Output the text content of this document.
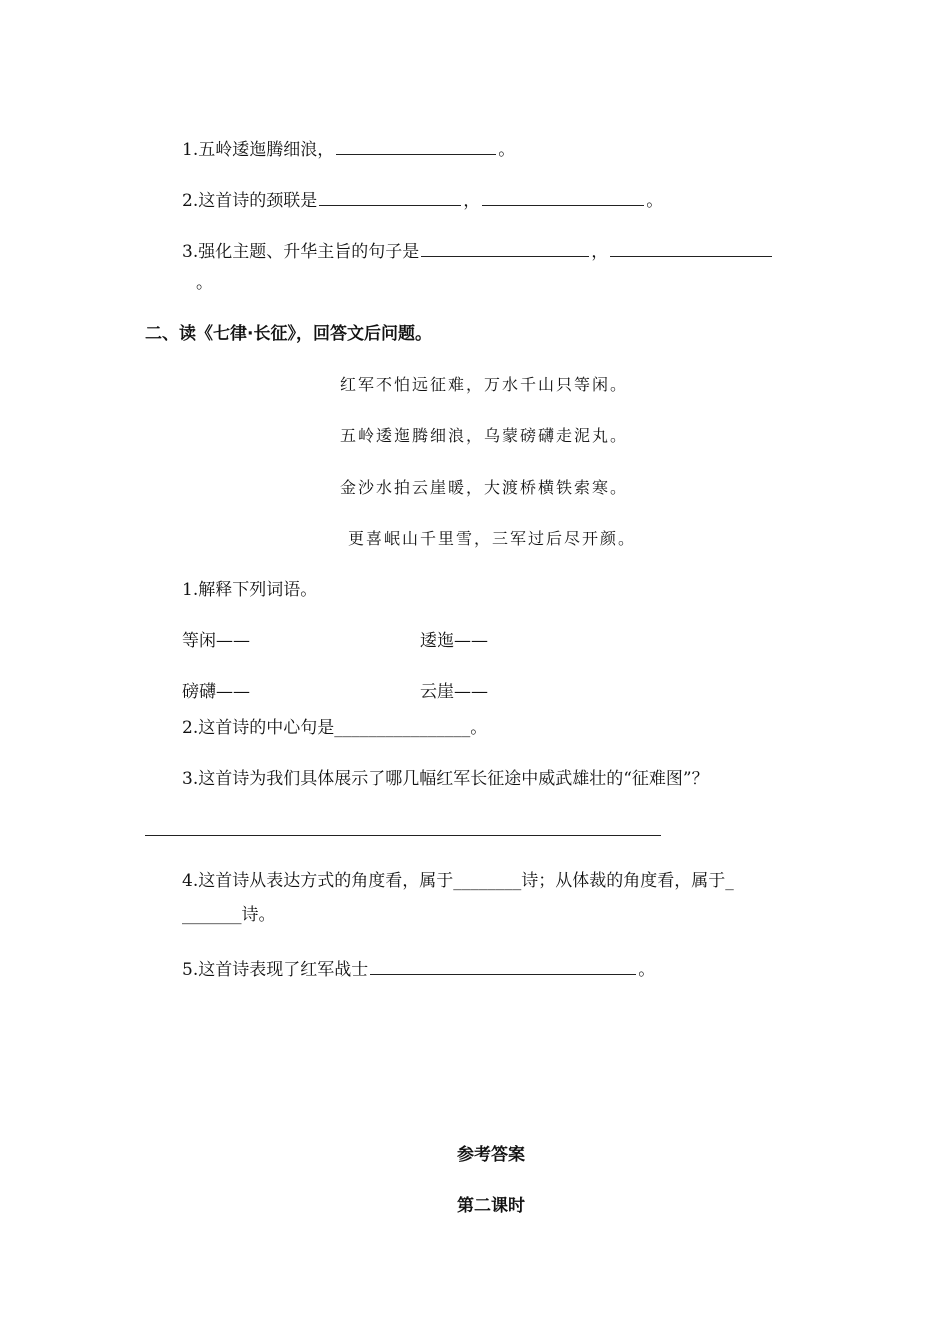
1.五岭逶迤腾细浪，	。
2.这首诗的颈联是	，	。
3.强化主题、升华主旨的句子是	，
。
二、读《七律·长征》，回答文后问题。
红军不怕远征难，万水千山只等闲。
五岭逶迤腾细浪，乌蒙磅礴走泥丸。
金沙水拍云崖暖，大渡桥横铁索寒。
更喜岷山千里雪，三军过后尽开颜。
1.解释下列词语。
等闲——	逶迤——
磅礴——	云崖——
2.这首诗的中心句是________________。
3.这首诗为我们具体展示了哪几幅红军长征途中威武雄壮的“征难图”？
4.这首诗从表达方式的角度看，属于________诗；从体裁的角度看，属于_
_______诗。
5.这首诗表现了红军战士	。
参考答案
第二课时
